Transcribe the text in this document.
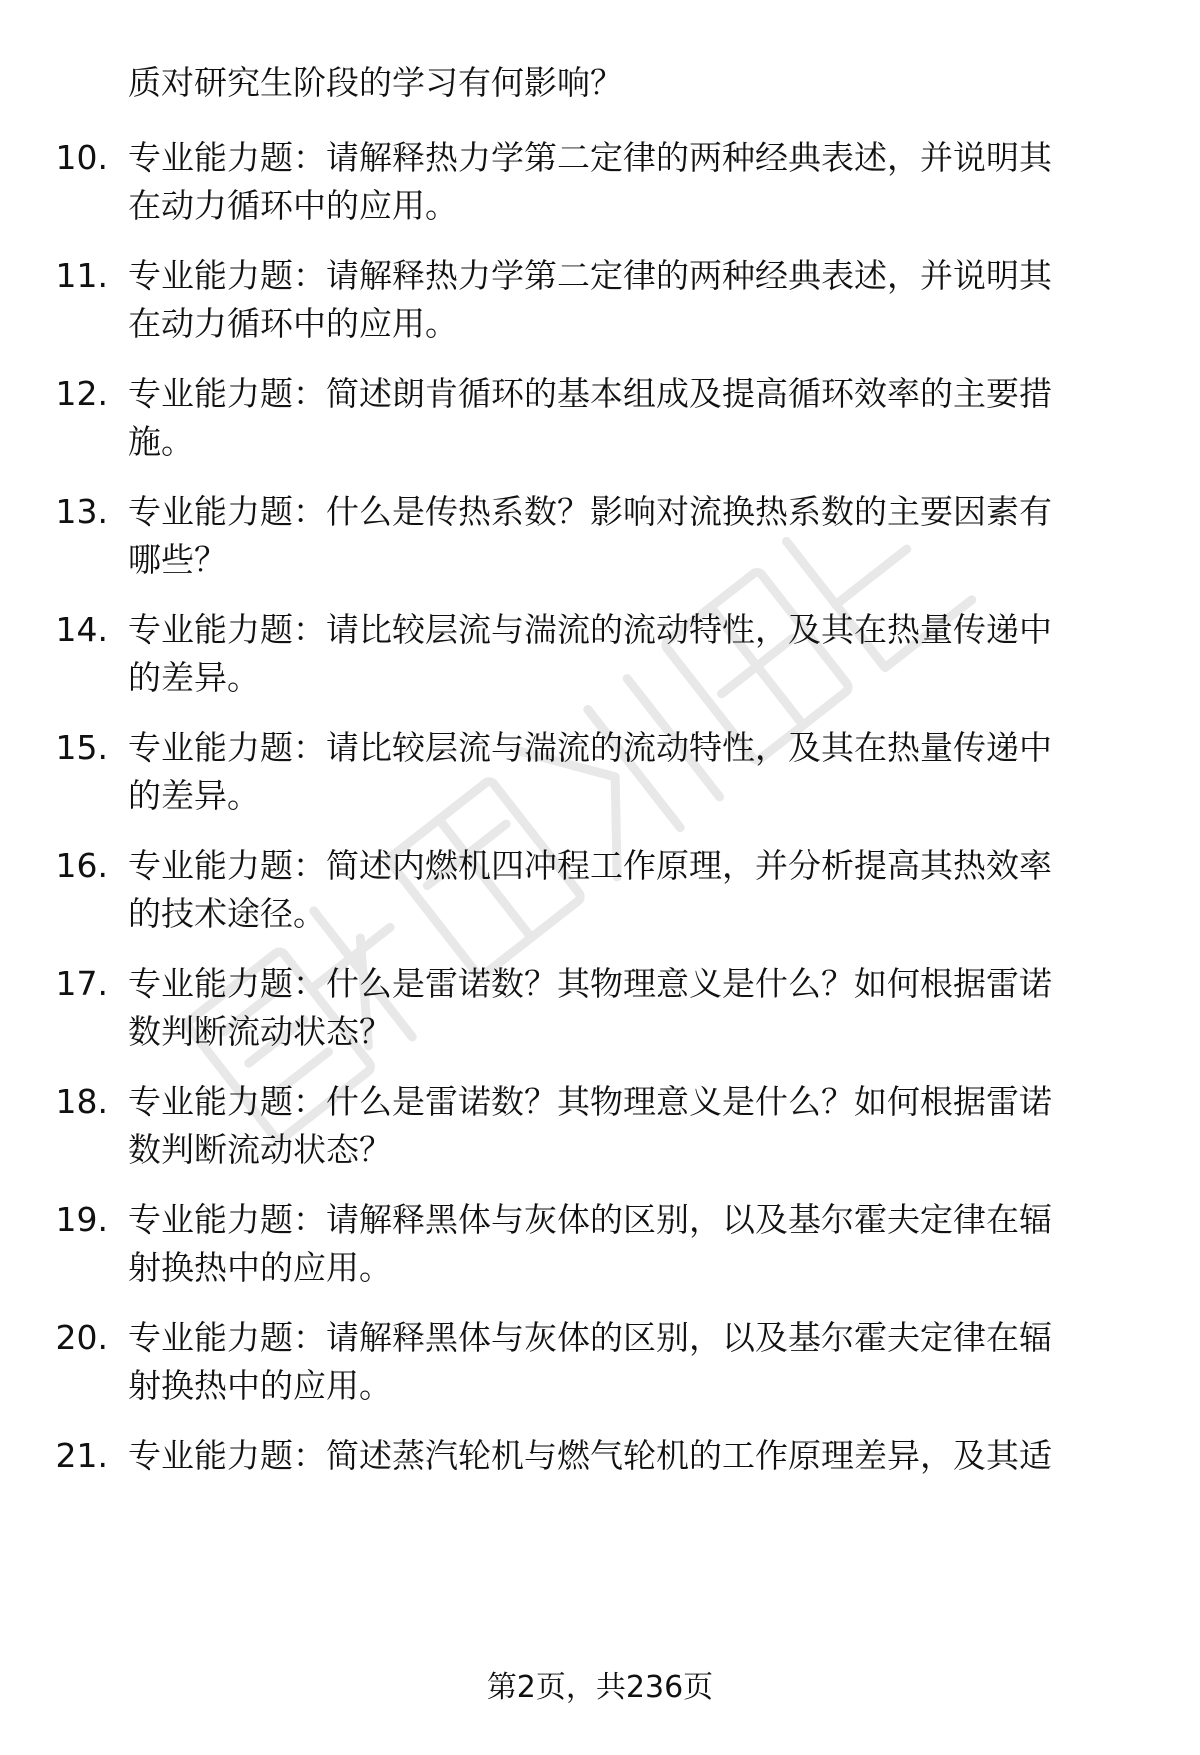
质对研究生阶段的学习有何影响？
10. 专业能力题：请解释热力学第二定律的两种经典表述，并说明其
在动力循环中的应用。
11. 专业能力题：请解释热力学第二定律的两种经典表述，并说明其
在动力循环中的应用。
12. 专业能力题：简述朗肯循环的基本组成及提高循环效率的主要措
施。
13. 专业能力题：什么是传热系数？影响对流换热系数的主要因素有
哪些？
14. 专业能力题：请比较层流与湍流的流动特性，及其在热量传递中
的差异。
15. 专业能力题：请比较层流与湍流的流动特性，及其在热量传递中
的差异。
16. 专业能力题：简述内燃机四冲程工作原理，并分析提高其热效率
的技术途径。
17. 专业能力题：什么是雷诺数？其物理意义是什么？如何根据雷诺
数判断流动状态？
18. 专业能力题：什么是雷诺数？其物理意义是什么？如何根据雷诺
数判断流动状态？
19. 专业能力题：请解释黑体与灰体的区别，以及基尔霍夫定律在辐
射换热中的应用。
20. 专业能力题：请解释黑体与灰体的区别，以及基尔霍夫定律在辐
射换热中的应用。
21. 专业能力题：简述蒸汽轮机与燃气轮机的工作原理差异，及其适
第2页，共236页
